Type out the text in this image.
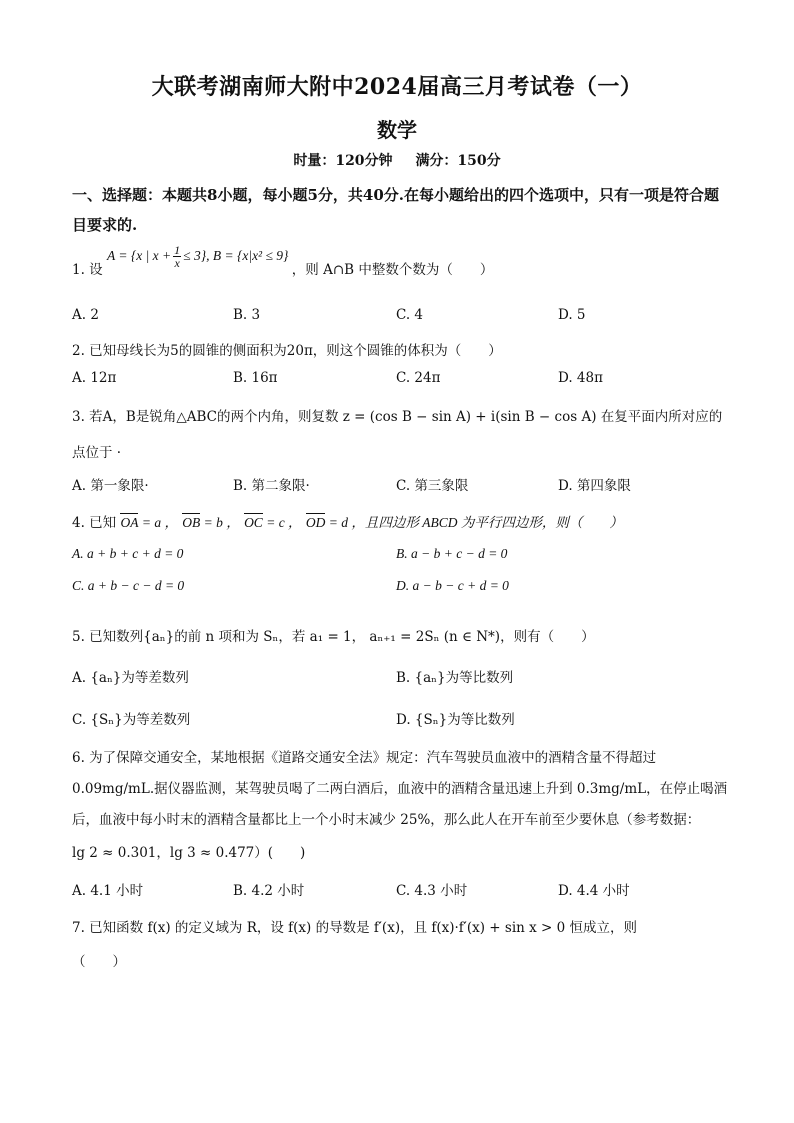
大联考湖南师大附中2024届高三月考试卷（一）
数学
时量：120分钟 满分：150分
一、选择题：本题共8小题，每小题5分，共40分.在每小题给出的四个选项中，只有一项是符合题目要求的.
1. 设 A = {x | $x + \frac{1}{x} \le 3$}, B = {x|x² ≤ 9} ，则 A∩B 中整数个数为（　　）
A. 2	B. 3	C. 4	D. 5
2. 已知母线长为5的圆锥的侧面积为20π，则这个圆锥的体积为（　　）
A. 12π	B. 16π	C. 24π	D. 48π
3. 若A，B是锐角△ABC的两个内角，则复数 z = (cos B − sin A) + i(sin B − cos A) 在复平面内所对应的
点位于 ·
A. 第一象限·	B. 第二象限·	C. 第三象限	D. 第四象限
4. 已知 OA = a ， OB = b ， OC = c ， OD = d ，且四边形 ABCD 为平行四边形，则（　　）
A. a + b + c + d = 0	B. a − b + c − d = 0
C. a + b − c − d = 0	D. a − b − c + d = 0
5. 已知数列{aₙ}的前 n 项和为 Sₙ，若 a₁ = 1， aₙ₊₁ = 2Sₙ (n ∈ N*)，则有（　　）
A. {aₙ}为等差数列	B. {aₙ}为等比数列
C. {Sₙ}为等差数列	D. {Sₙ}为等比数列
6. 为了保障交通安全，某地根据《道路交通安全法》规定：汽车驾驶员血液中的酒精含量不得超过
0.09mg/mL.据仪器监测，某驾驶员喝了二两白酒后，血液中的酒精含量迅速上升到 0.3mg/mL，在停止喝酒
后，血液中每小时末的酒精含量都比上一个小时末减少 25%，那么此人在开车前至少要休息（参考数据：
lg 2 ≈ 0.301，lg 3 ≈ 0.477）(　　)
A. 4.1 小时	B. 4.2 小时	C. 4.3 小时	D. 4.4 小时
7. 已知函数 f(x) 的定义域为 R，设 f(x) 的导数是 f′(x)，且 f(x)·f′(x) + sin x > 0 恒成立，则
（　　）
